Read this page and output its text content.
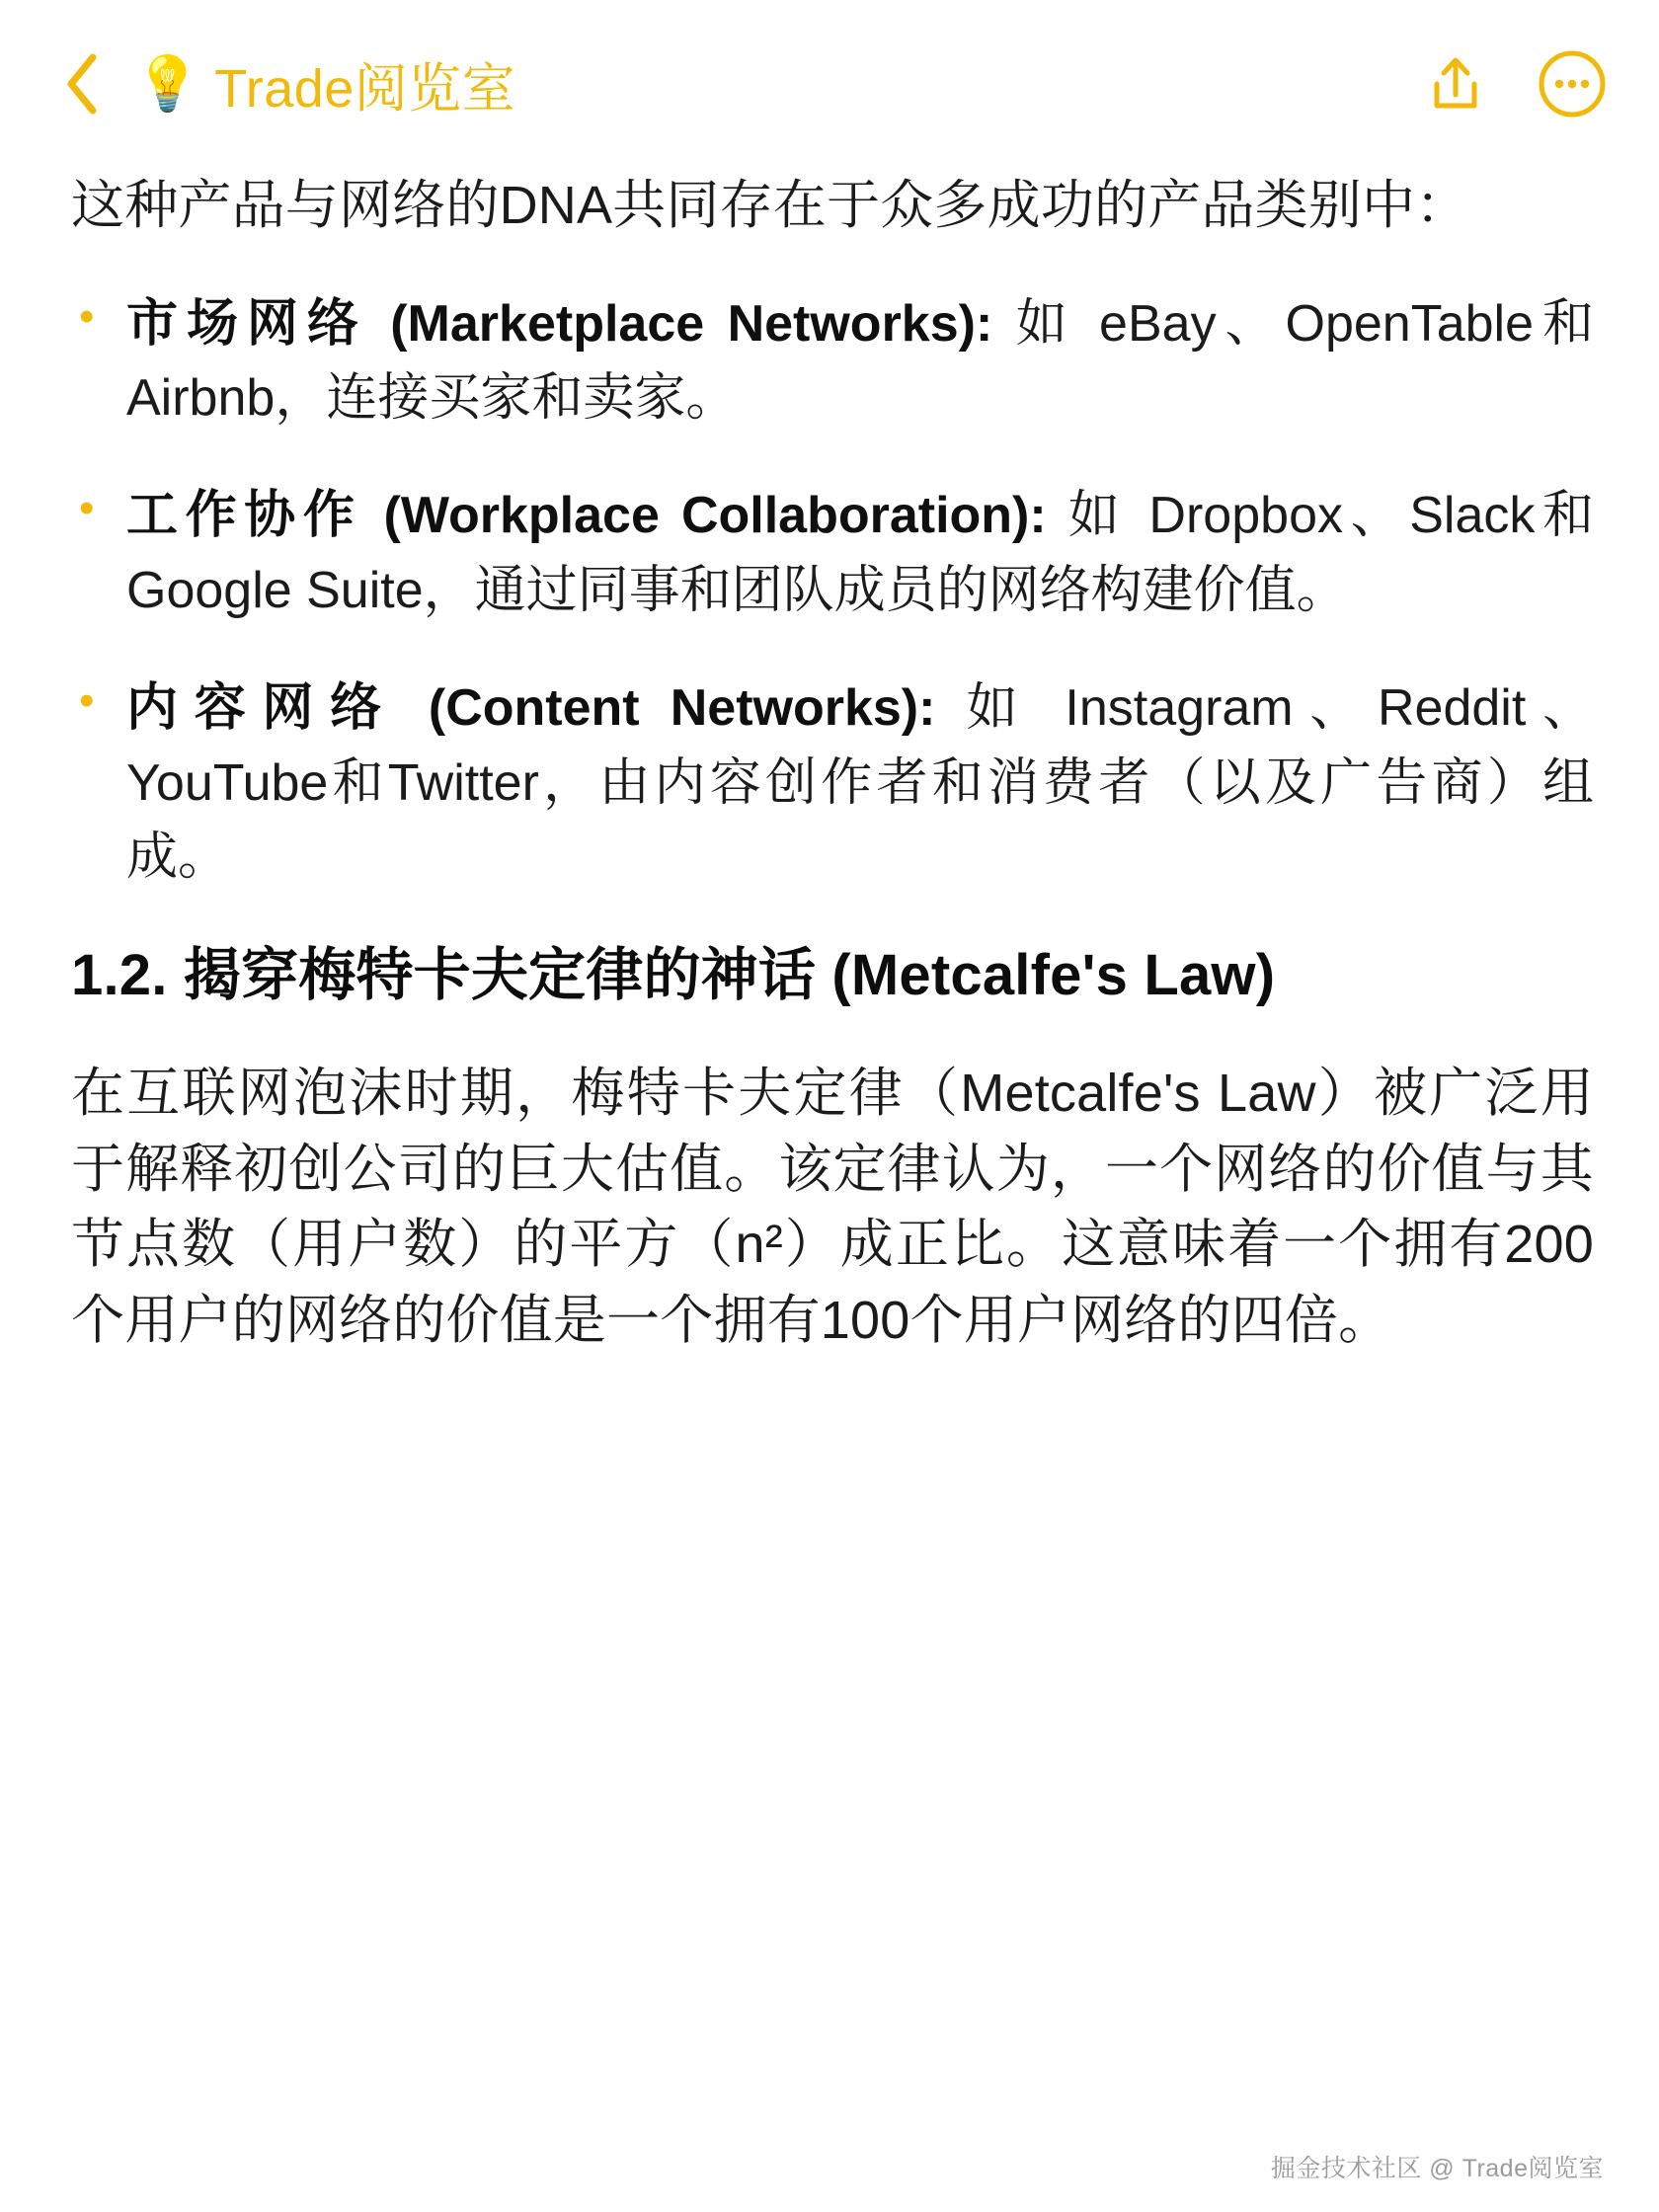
💡 Trade阅览室

这种产品与网络的DNA共同存在于众多成功的产品类别中：

• 市场网络 (Marketplace Networks): 如 eBay、OpenTable和Airbnb，连接买家和卖家。
• 工作协作 (Workplace Collaboration): 如 Dropbox、Slack和Google Suite，通过同事和团队成员的网络构建价值。
• 内容网络 (Content Networks): 如 Instagram、Reddit、YouTube和Twitter，由内容创作者和消费者（以及广告商）组成。
1.2. 揭穿梅特卡夫定律的神话 (Metcalfe's Law)

在互联网泡沫时期，梅特卡夫定律（Metcalfe's Law）被广泛用于解释初创公司的巨大估值。该定律认为，一个网络的价值与其节点数（用户数）的平方（n²）成正比。这意味着一个拥有200个用户的网络的价值是一个拥有100个用户网络的四倍。

掘金技术社区 @ Trade阅览室
